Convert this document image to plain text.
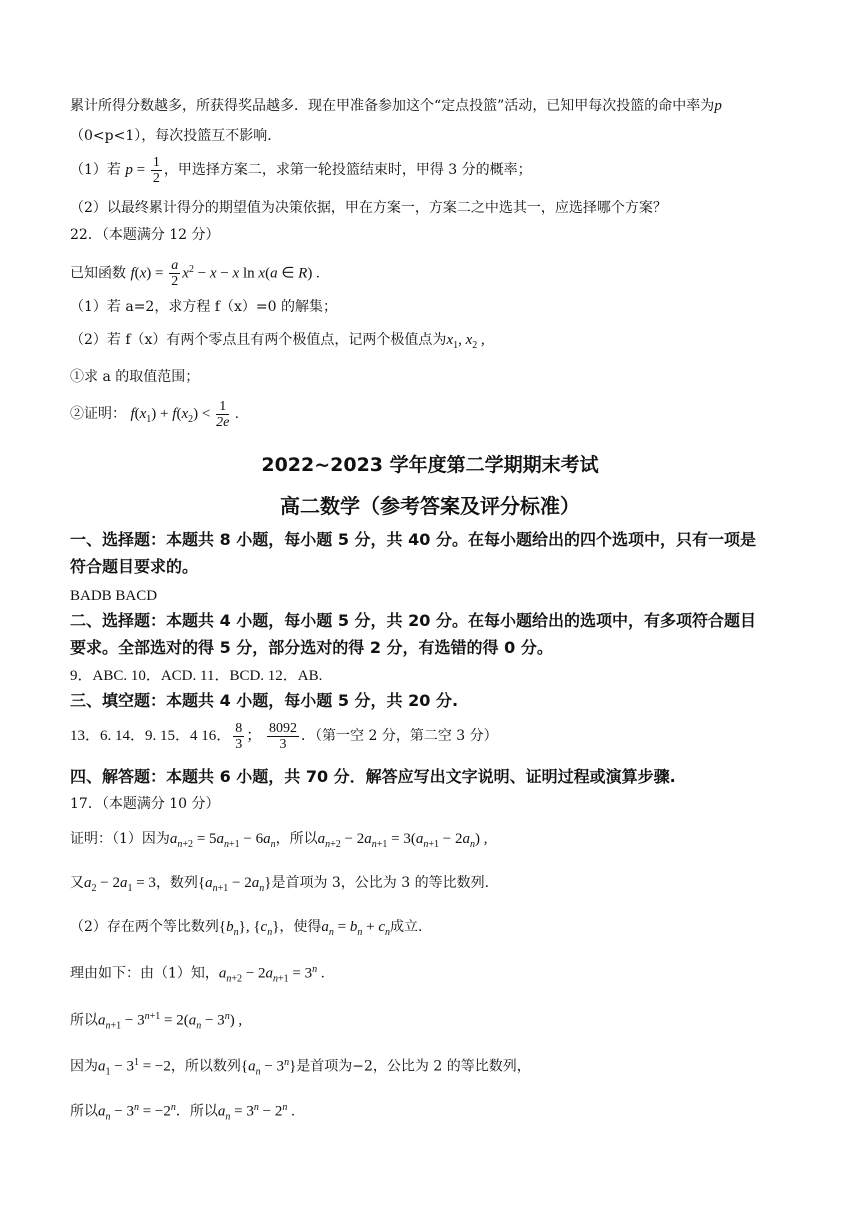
累计所得分数越多，所获得奖品越多．现在甲准备参加这个“定点投篮”活动，已知甲每次投篮的命中率为p
（0<p<1），每次投篮互不影响．
（1）若 $p = \frac{1}{2}$ ，甲选择方案二，求第一轮投篮结束时，甲得 3 分的概率；
（2）以最终累计得分的期望值为决策依据，甲在方案一，方案二之中选其一，应选择哪个方案？
22．（本题满分 12 分）
已知函数 $f(x) = \frac{a}{2} x^2 - x - x$ ln x(a ∈ R) .
（1）若 a=2，求方程 f（x）=0 的解集；
（2）若 f（x）有两个零点且有两个极值点，记两个极值点为$x_1$, $x_2$ ,
①求 a 的取值范围；
②证明： $f(x_1) + f(x_2) < \frac{1}{2e}$ .
2022~2023 学年度第二学期期末考试
高二数学（参考答案及评分标准）
一、选择题：本题共 8 小题，每小题 5 分，共 40 分。在每小题给出的四个选项中，只有一项是
符合题目要求的。
BADB BACD
二、选择题：本题共 4 小题，每小题 5 分，共 20 分。在每小题给出的选项中，有多项符合题目
要求。全部选对的得 5 分，部分选对的得 2 分，有选错的得 0 分。
9．ABC. 10．ACD. 11．BCD. 12．AB.
三、填空题：本题共 4 小题，每小题 5 分，共 20 分.
13．6. 14．9. 15．4 16． $\frac{8}{3}$ ； $\frac{8092}{3}$ ．（第一空 2 分，第二空 3 分）
四、解答题：本题共 6 小题，共 70 分．解答应写出文字说明、证明过程或演算步骤.
17．（本题满分 10 分）
证明：（1）因为$a_{n+2} = 5a_{n+1} - 6a_n$，所以$a_{n+2} - 2a_{n+1} = 3(a_{n+1} - 2a_n)$ ,
又$a_2 - 2a_1 = 3$，数列$\{a_{n+1} - 2a_n\}$是首项为 3，公比为 3 的等比数列.
（2）存在两个等比数列$\{b_n\}$, $\{c_n\}$，使得$a_n = b_n + c_n$成立.
理由如下：由（1）知，$a_{n+2} - 2a_{n+1} = 3^n$ .
所以$a_{n+1} - 3^{n+1} = 2(a_n - 3^n)$ ,
因为$a_1 - 3^1 = -2$，所以数列$\{a_n - 3^n\}$是首项为−2，公比为 2 的等比数列，
所以$a_n - 3^n = -2^n$．所以$a_n = 3^n - 2^n$ .
